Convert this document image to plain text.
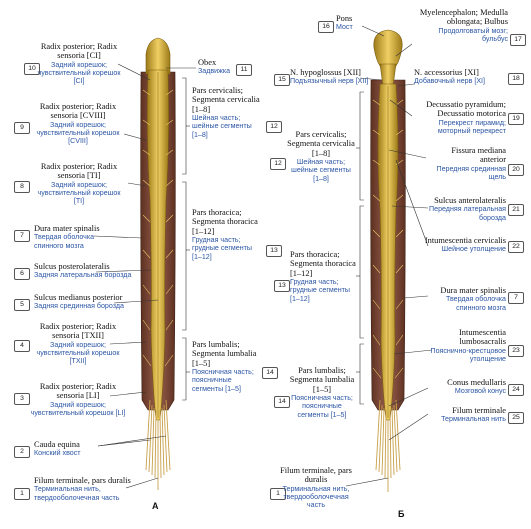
10
Radix posterior; Radix sensoria [CI]
Задний корешок; чувствительный корешок [CI]
9
Radix posterior; Radix sensoria [CVIII]
Задний корешок; чувствительный корешок [CVIII]
8
Radix posterior; Radix sensoria [TI]
Задний корешок; чувствительный корешок [TI]
7
Dura mater spinalis
Твердая оболочка спинного мозга
6
Sulcus posterolateralis
Задняя латеральная борозда
5
Sulcus medianus posterior
Задняя срединная борозда
4
Radix posterior; Radix sensoria [TXII]
Задний корешок; чувствительный корешок [TXII]
3
Radix posterior; Radix sensoria [LI]
Задний корешок; чувствительный корешок [LI]
2
Cauda equina
Конский хвост
1
Filum terminale, pars duralis
Терминальная нить, твердооболочечная часть
А
Obex
Задвижка	11
Pars cervicalis; Segmenta cervicalia [1–8]
Шейная часть; шейные сегменты [1–8]
12
Pars thoracica; Segmenta thoracica [1–12]
Грудная часть; грудные сегменты [1–12]
13
Pars lumbalis; Segmenta lumbalia [1–5]
Поясничная часть; поясничные сегменты [1–5]
14
16
Pons
Мост
15
N. hypoglossus [XII]
Подъязычный нерв [XII]
12
Pars cervicalis; Segmenta cervicalia [1–8]
Шейная часть; шейные сегменты [1–8]
13
Pars thoracica; Segmenta thoracica [1–12]
Грудная часть; грудные сегменты [1–12]
14
Pars lumbalis; Segmenta lumbalia [1–5]
Поясничная часть; поясничные сегменты [1–5]
1
Filum terminale, pars duralis
Терминальная нить, твердооболочечная часть
Б
Myelencephalon; Medulla oblongata; Bulbus
Продолговатый мозг; бульбус 17
N. accessorius [XI]
Добавочный нерв [XI]	18
Decussatio pyramidum; Decussatio motorica
Перекрест пирамид; моторный перекрест
19
Fissura mediana anterior
Передняя срединная щель
20
Sulcus anterolateralis
Передняя латеральная борозда
21
Intumescentia cervicalis
Шейное утолщение 22
Dura mater spinalis
Твердая оболочка спинного мозга
7
Intumescentia lumbosacralis
Пояснично-крестцовое утолщение
23
Conus medullaris
Мозговой конус 24
Filum terminale
Терминальная нить 25
